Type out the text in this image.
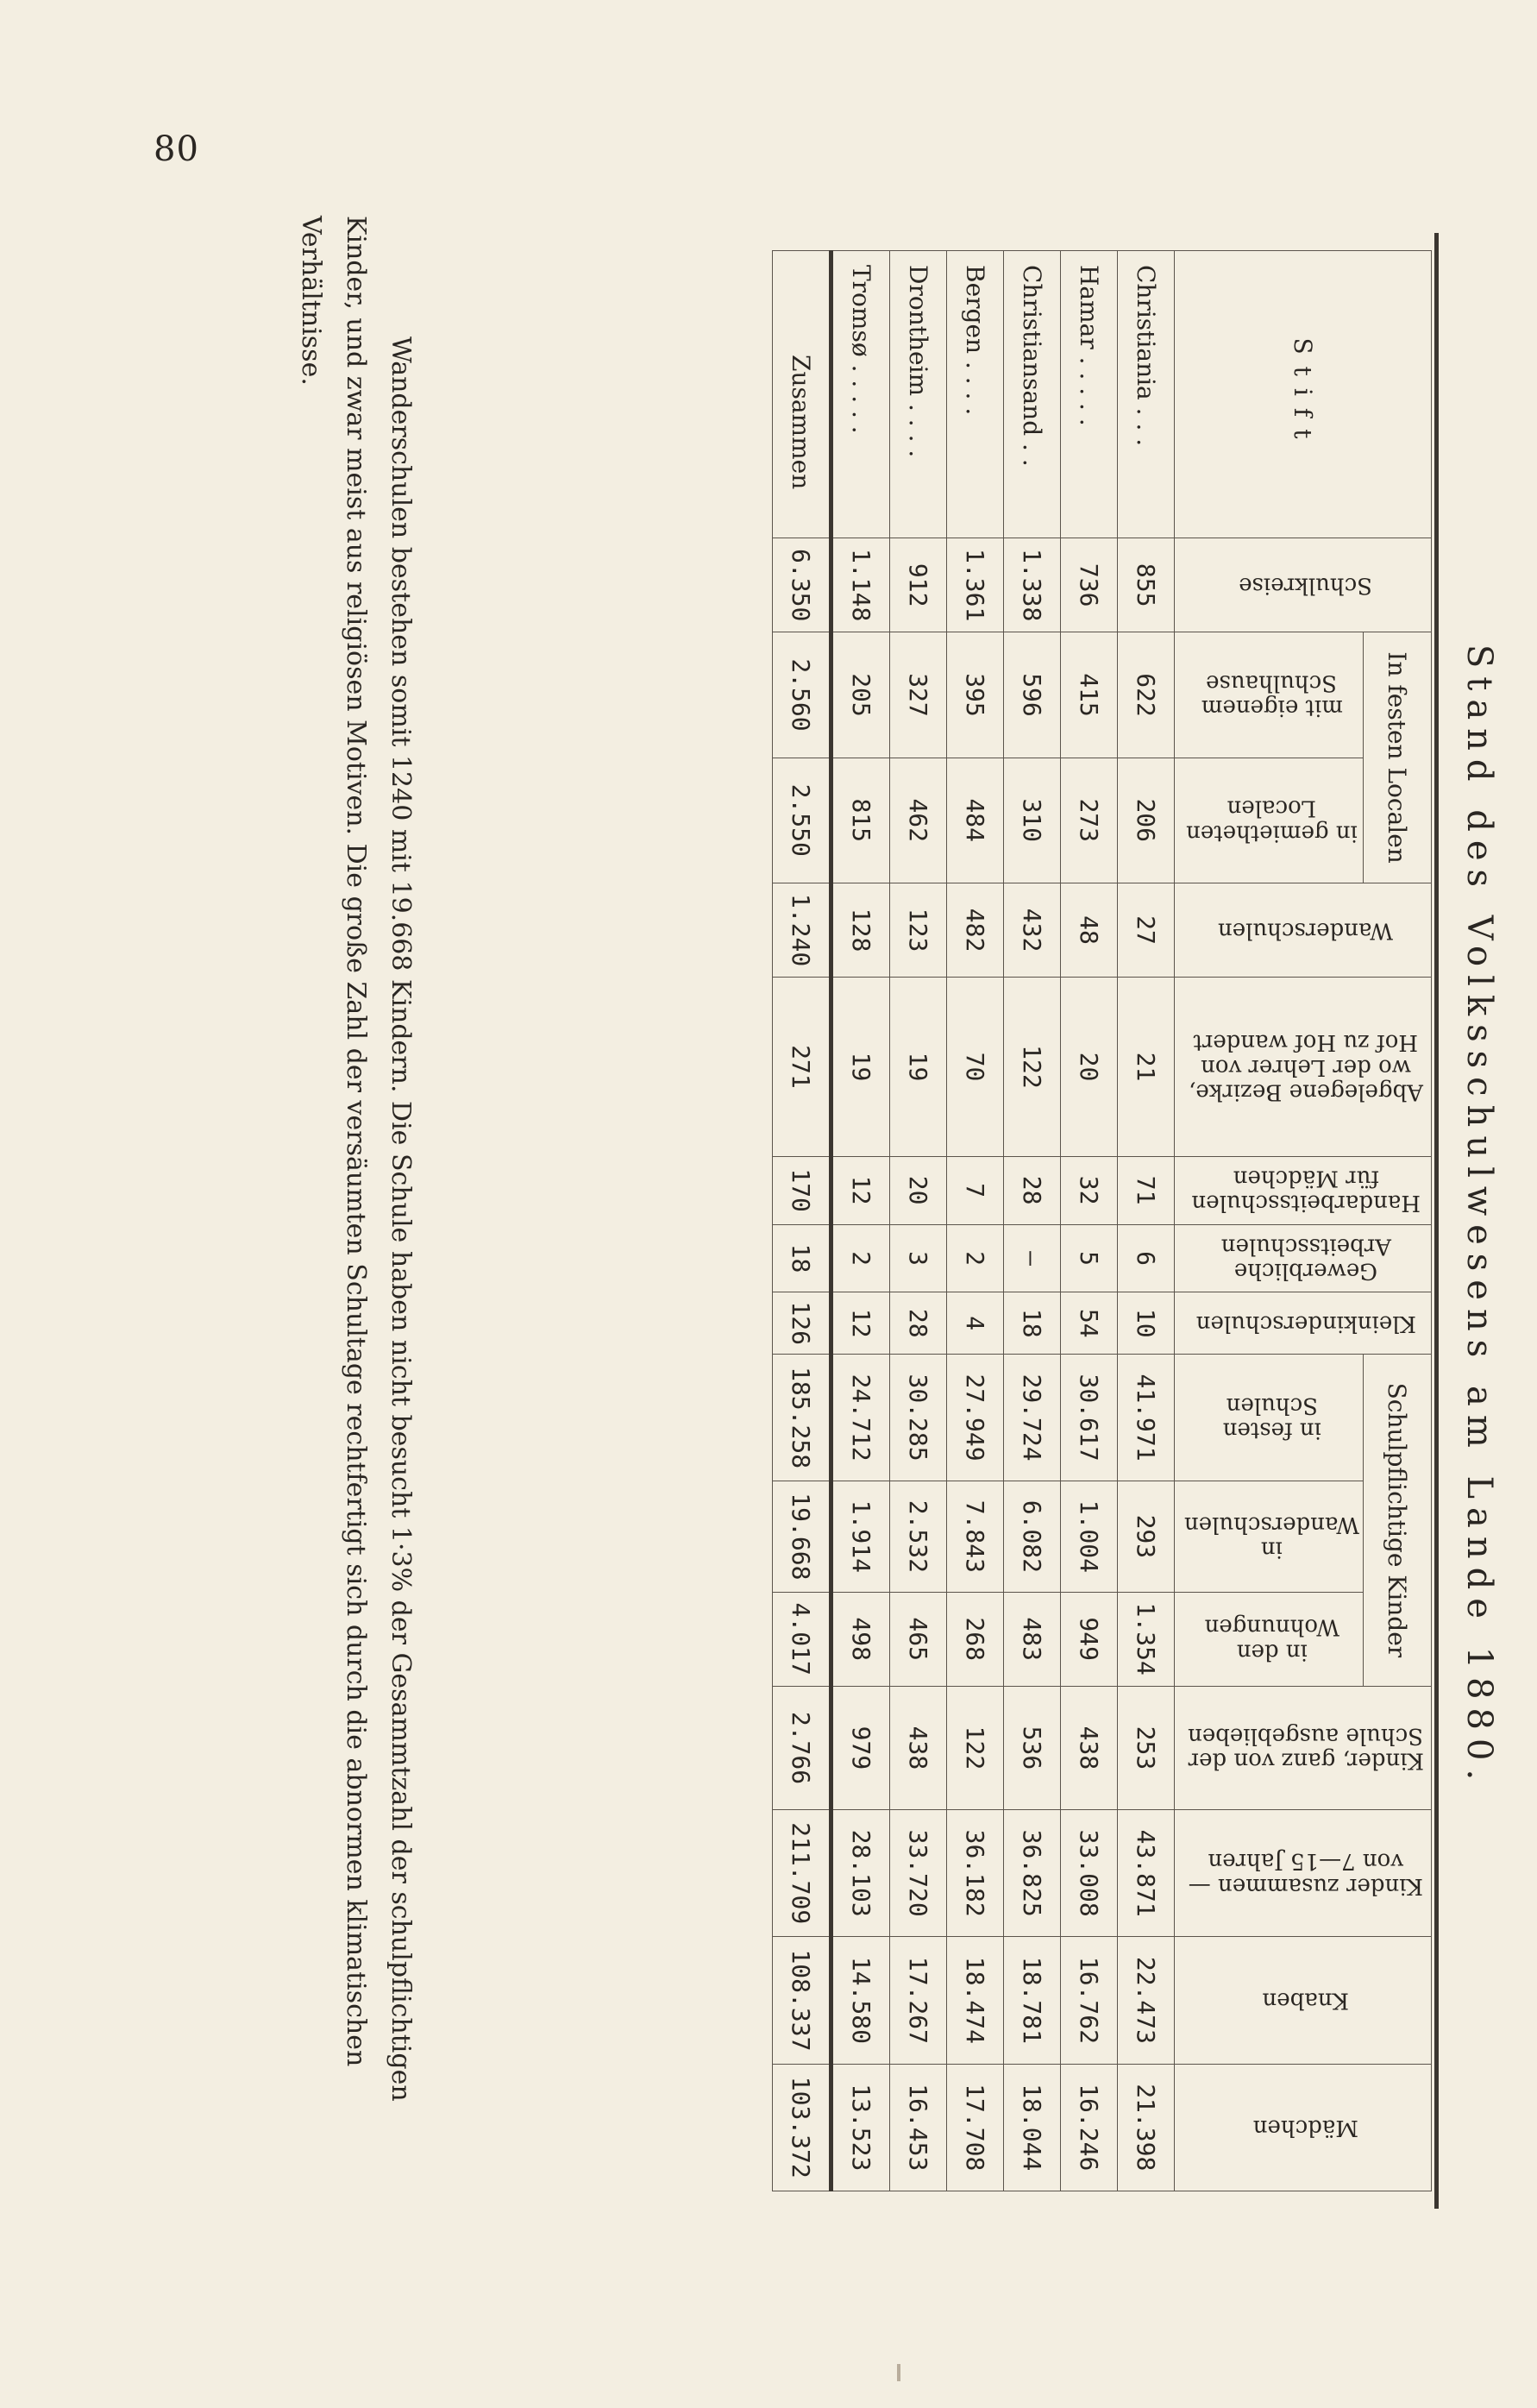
80
Stand des Volksschulwesens am Lande 1880.
Stift	Schulkreise	In festen Localen		Wanderschulen	Abgelegene Bezirke, wo der Lehrer von Hof zu Hof wandert	Handarbeitsschulen für Mädchen	Gewerbliche Arbeitsschulen	Kleinkinderschulen	Schulpflichtige Kinder			Kinder, ganz von der Schule ausgeblieben	Kinder zusammen — von 7—15 Jahren	Knaben	Mädchen
		mit eigenem Schulhause	in gemietheten Localen						in festen Schulen	in Wanderschulen	in den Wohnungen				
Christiania . . .	855	622	206	27	21	71	6	10	41.971	293	1.354	253	43.871	22.473	21.398
Hamar . . . . .	736	415	273	48	20	32	5	54	30.617	1.004	949	438	33.008	16.762	16.246
Christiansand . .	1.338	596	310	432	122	28	—	18	29.724	6.082	483	536	36.825	18.781	18.044
Bergen . . . .	1.361	395	484	482	70	7	2	4	27.949	7.843	268	122	36.182	18.474	17.708
Drontheim . . . .	912	327	462	123	19	20	3	28	30.285	2.532	465	438	33.720	17.267	16.453
Tromsø . . . . .	1.148	205	815	128	19	12	2	12	24.712	1.914	498	979	28.103	14.580	13.523
Zusammen	6.350	2.560	2.550	1.240	271	170	18	126	185.258	19.668	4.017	2.766	211.709	108.337	103.372

Wanderschulen bestehen somit 1240 mit 19.668 Kindern. Die Schule haben nicht besucht 1·3% der Gesammtzahl der schulpflichtigen Kinder, und zwar meist aus religiösen Motiven. Die große Zahl der versäumten Schultage rechtfertigt sich durch die abnormen klimatischen Verhältnisse.
